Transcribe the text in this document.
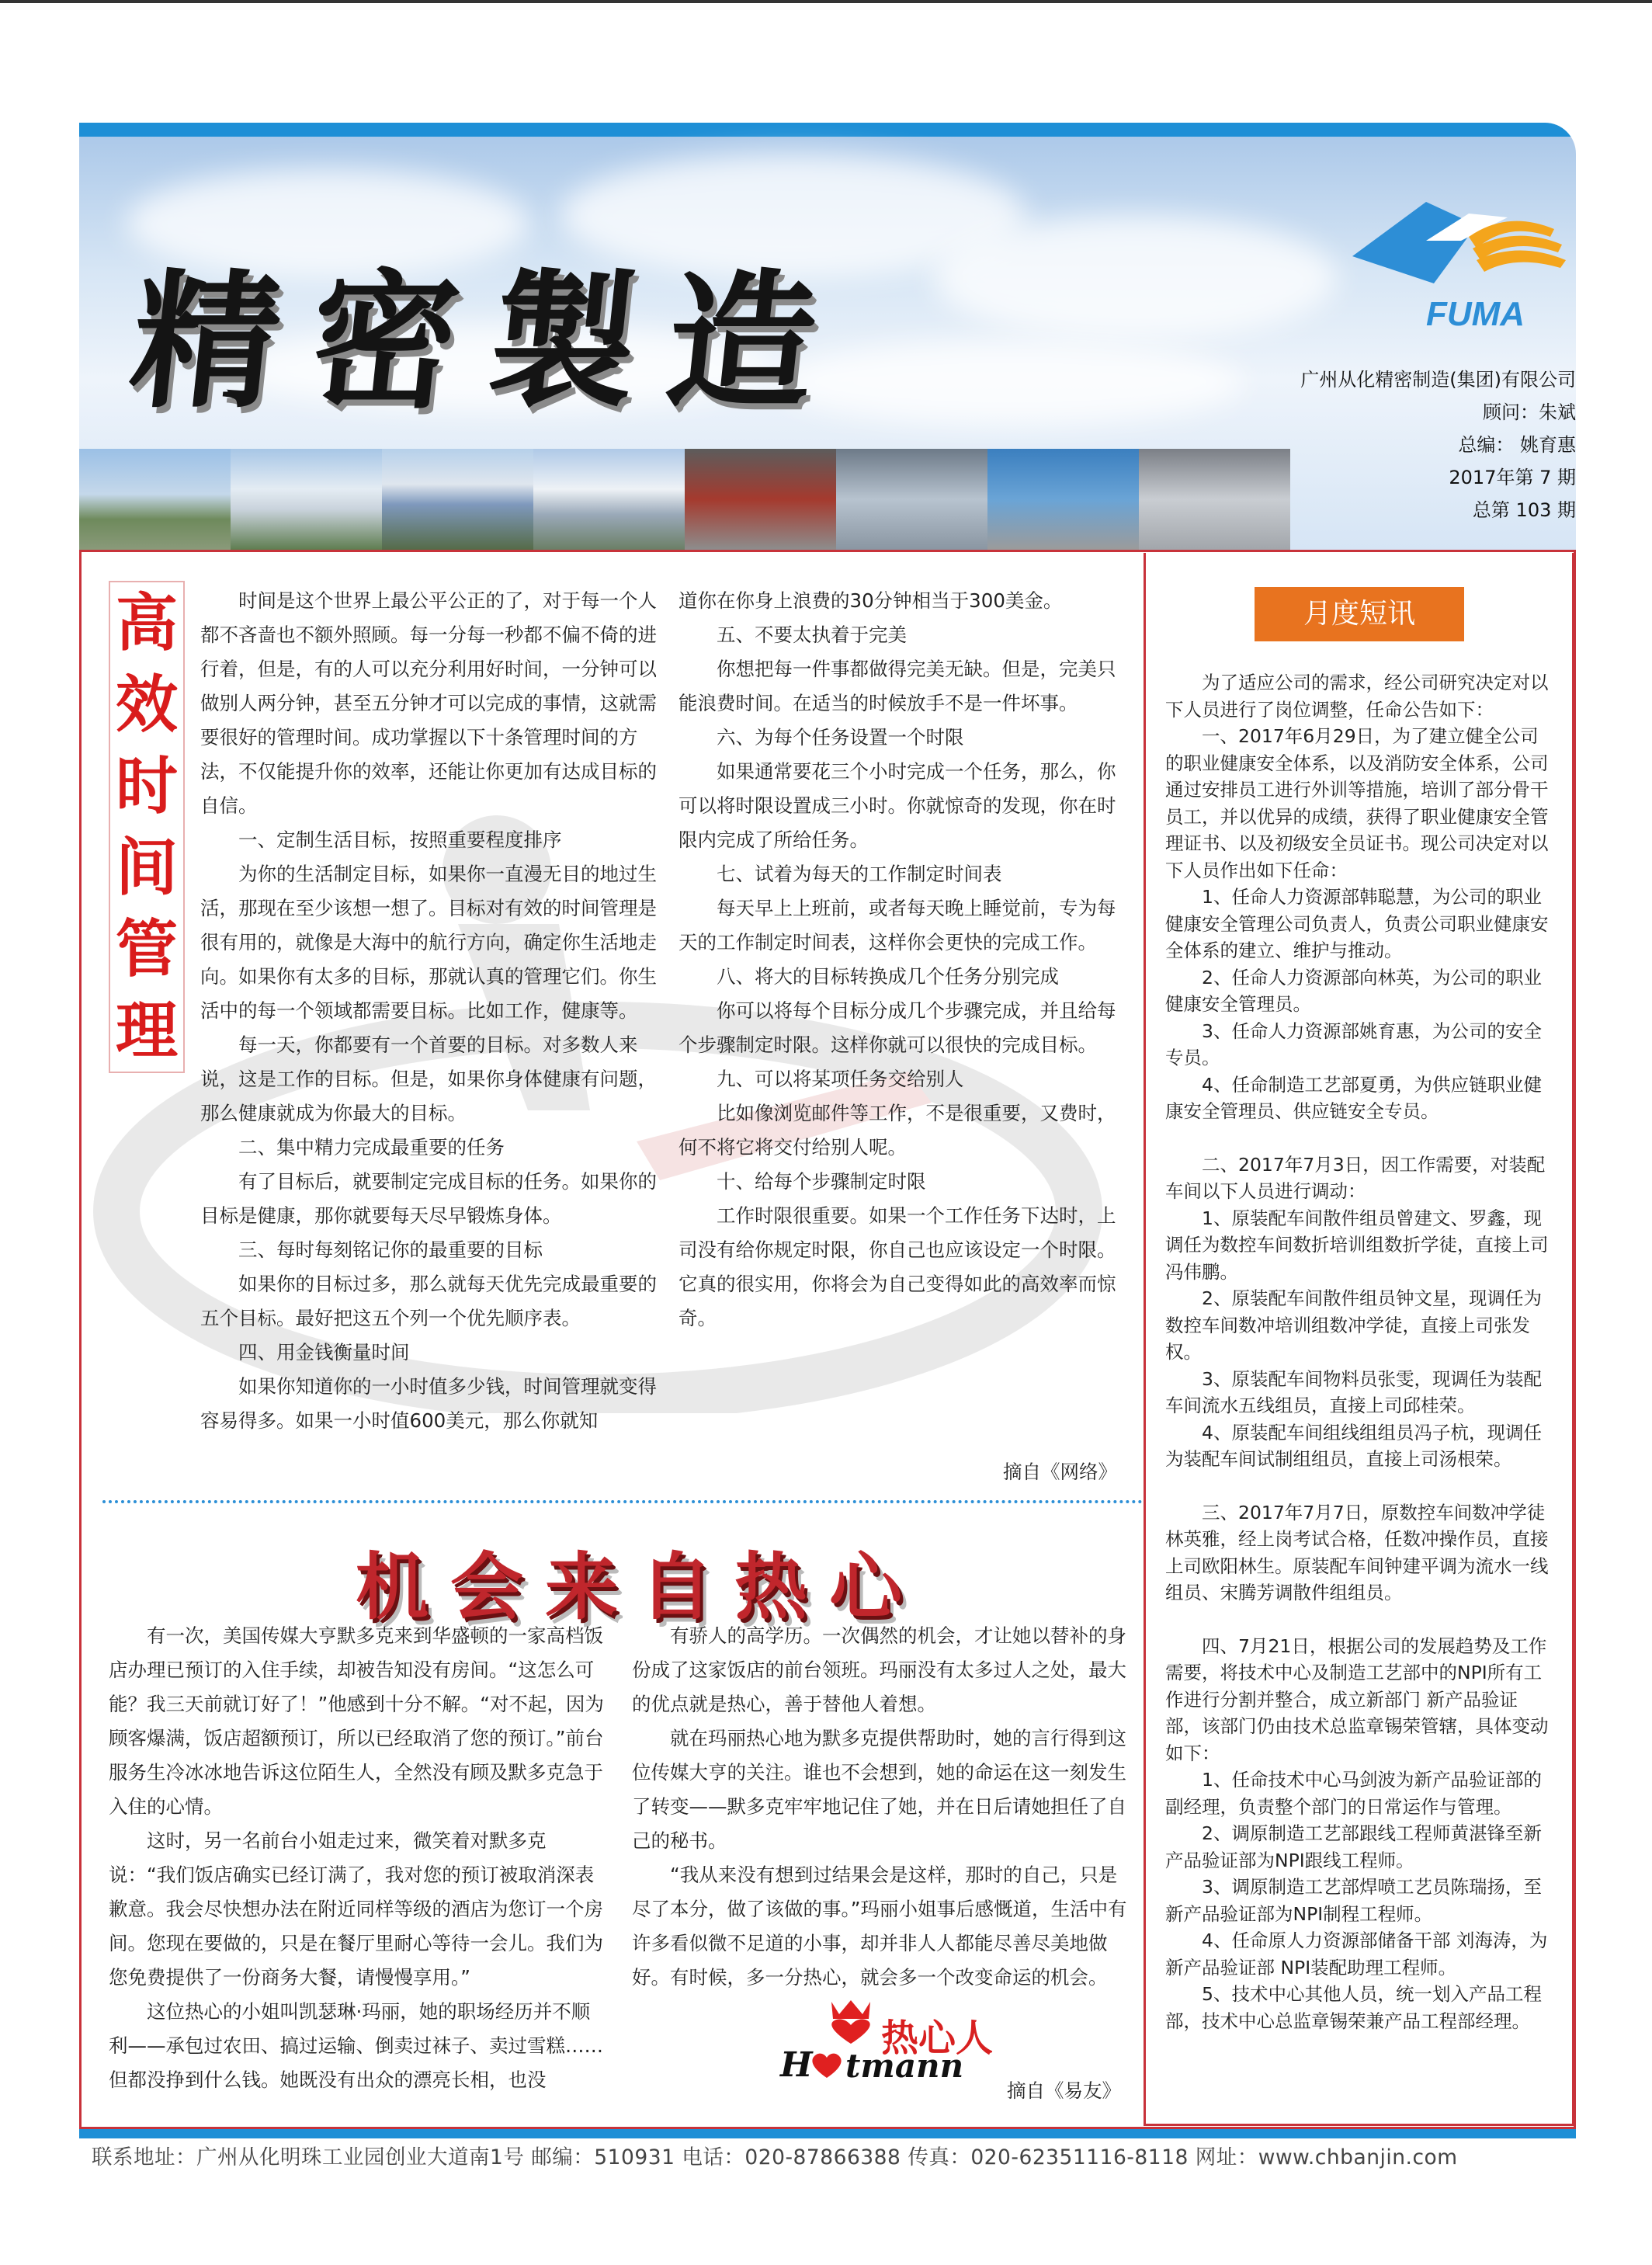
精密製造	FUMA
广州从化精密制造(集团)有限公司
顾问：朱斌
总编： 姚育惠
2017年第 7 期
总第 103 期
高
效
时
间
管
理

时间是这个世界上最公平公正的了，对于每一个人都不吝啬也不额外照顾。每一分每一秒都不偏不倚的进行着，但是，有的人可以充分利用好时间，一分钟可以做别人两分钟，甚至五分钟才可以完成的事情，这就需要很好的管理时间。成功掌握以下十条管理时间的方法，不仅能提升你的效率，还能让你更加有达成目标的自信。

一、定制生活目标，按照重要程度排序

为你的生活制定目标，如果你一直漫无目的地过生活，那现在至少该想一想了。目标对有效的时间管理是很有用的，就像是大海中的航行方向，确定你生活地走向。如果你有太多的目标，那就认真的管理它们。你生活中的每一个领域都需要目标。比如工作，健康等。

每一天，你都要有一个首要的目标。对多数人来说，这是工作的目标。但是，如果你身体健康有问题，那么健康就成为你最大的目标。

二、集中精力完成最重要的任务

有了目标后，就要制定完成目标的任务。如果你的目标是健康，那你就要每天尽早锻炼身体。

三、每时每刻铭记你的最重要的目标

如果你的目标过多，那么就每天优先完成最重要的五个目标。最好把这五个列一个优先顺序表。

四、用金钱衡量时间

如果你知道你的一小时值多少钱，时间管理就变得容易得多。如果一小时值600美元，那么你就知

道你在你身上浪费的30分钟相当于300美金。

五、不要太执着于完美

你想把每一件事都做得完美无缺。但是，完美只能浪费时间。在适当的时候放手不是一件坏事。

六、为每个任务设置一个时限

如果通常要花三个小时完成一个任务，那么，你可以将时限设置成三小时。你就惊奇的发现，你在时限内完成了所给任务。

七、试着为每天的工作制定时间表

每天早上上班前，或者每天晚上睡觉前，专为每天的工作制定时间表，这样你会更快的完成工作。

八、将大的目标转换成几个任务分别完成

你可以将每个目标分成几个步骤完成，并且给每个步骤制定时限。这样你就可以很快的完成目标。

九、可以将某项任务交给别人

比如像浏览邮件等工作，不是很重要，又费时，何不将它将交付给别人呢。

十、给每个步骤制定时限

工作时限很重要。如果一个工作任务下达时，上司没有给你规定时限，你自己也应该设定一个时限。它真的很实用，你将会为自己变得如此的高效率而惊奇。

摘自《网络》
机会来自热心

有一次，美国传媒大亨默多克来到华盛顿的一家高档饭店办理已预订的入住手续，却被告知没有房间。“这怎么可能？我三天前就订好了！”他感到十分不解。“对不起，因为顾客爆满，饭店超额预订，所以已经取消了您的预订。”前台服务生冷冰冰地告诉这位陌生人，全然没有顾及默多克急于入住的心情。

这时，另一名前台小姐走过来，微笑着对默多克说：“我们饭店确实已经订满了，我对您的预订被取消深表歉意。我会尽快想办法在附近同样等级的酒店为您订一个房间。您现在要做的，只是在餐厅里耐心等待一会儿。我们为您免费提供了一份商务大餐，请慢慢享用。”

这位热心的小姐叫凯瑟琳·玛丽，她的职场经历并不顺利——承包过农田、搞过运输、倒卖过袜子、卖过雪糕……但都没挣到什么钱。她既没有出众的漂亮长相，也没

有骄人的高学历。一次偶然的机会，才让她以替补的身份成了这家饭店的前台领班。玛丽没有太多过人之处，最大的优点就是热心，善于替他人着想。

就在玛丽热心地为默多克提供帮助时，她的言行得到这位传媒大亨的关注。谁也不会想到，她的命运在这一刻发生了转变——默多克牢牢地记住了她，并在日后请她担任了自己的秘书。

“我从来没有想到过结果会是这样，那时的自己，只是尽了本分，做了该做的事。”玛丽小姐事后感慨道，生活中有许多看似微不足道的小事，却并非人人都能尽善尽美地做好。有时候，多一分热心，就会多一个改变命运的机会。

热心人
H tmann
摘自《易友》
月度短讯

为了适应公司的需求，经公司研究决定对以下人员进行了岗位调整，任命公告如下：

一、2017年6月29日，为了建立健全公司的职业健康安全体系，以及消防安全体系，公司通过安排员工进行外训等措施，培训了部分骨干员工，并以优异的成绩，获得了职业健康安全管理证书、以及初级安全员证书。现公司决定对以下人员作出如下任命：

1、任命人力资源部韩聪慧，为公司的职业健康安全管理公司负责人，负责公司职业健康安全体系的建立、维护与推动。

2、任命人力资源部向林英，为公司的职业健康安全管理员。

3、任命人力资源部姚育惠，为公司的安全专员。

4、任命制造工艺部夏勇，为供应链职业健康安全管理员、供应链安全专员。

二、2017年7月3日，因工作需要，对装配车间以下人员进行调动：

1、原装配车间散件组员曾建文、罗鑫，现调任为数控车间数折培训组数折学徒，直接上司冯伟鹏。

2、原装配车间散件组员钟文星，现调任为数控车间数冲培训组数冲学徒，直接上司张发权。

3、原装配车间物料员张雯，现调任为装配车间流水五线组员，直接上司邱桂荣。

4、原装配车间组线组组员冯子杭，现调任为装配车间试制组组员，直接上司汤根荣。

三、2017年7月7日，原数控车间数冲学徒林英雅，经上岗考试合格，任数冲操作员，直接上司欧阳林生。原装配车间钟建平调为流水一线组员、宋腾芳调散件组组员。

四、7月21日，根据公司的发展趋势及工作需要，将技术中心及制造工艺部中的NPI所有工作进行分割并整合，成立新部门 新产品验证部，该部门仍由技术总监章锡荣管辖，具体变动如下：

1、任命技术中心马剑波为新产品验证部的副经理，负责整个部门的日常运作与管理。

2、调原制造工艺部跟线工程师黄湛锋至新产品验证部为NPI跟线工程师。

3、调原制造工艺部焊喷工艺员陈瑞扬，至新产品验证部为NPI制程工程师。

4、任命原人力资源部储备干部 刘海涛，为新产品验证部 NPI装配助理工程师。

5、技术中心其他人员，统一划入产品工程部，技术中心总监章锡荣兼产品工程部经理。

联系地址：广州从化明珠工业园创业大道南1号 邮编：510931 电话：020-87866388 传真：020-62351116-8118 网址：www.chbanjin.com
